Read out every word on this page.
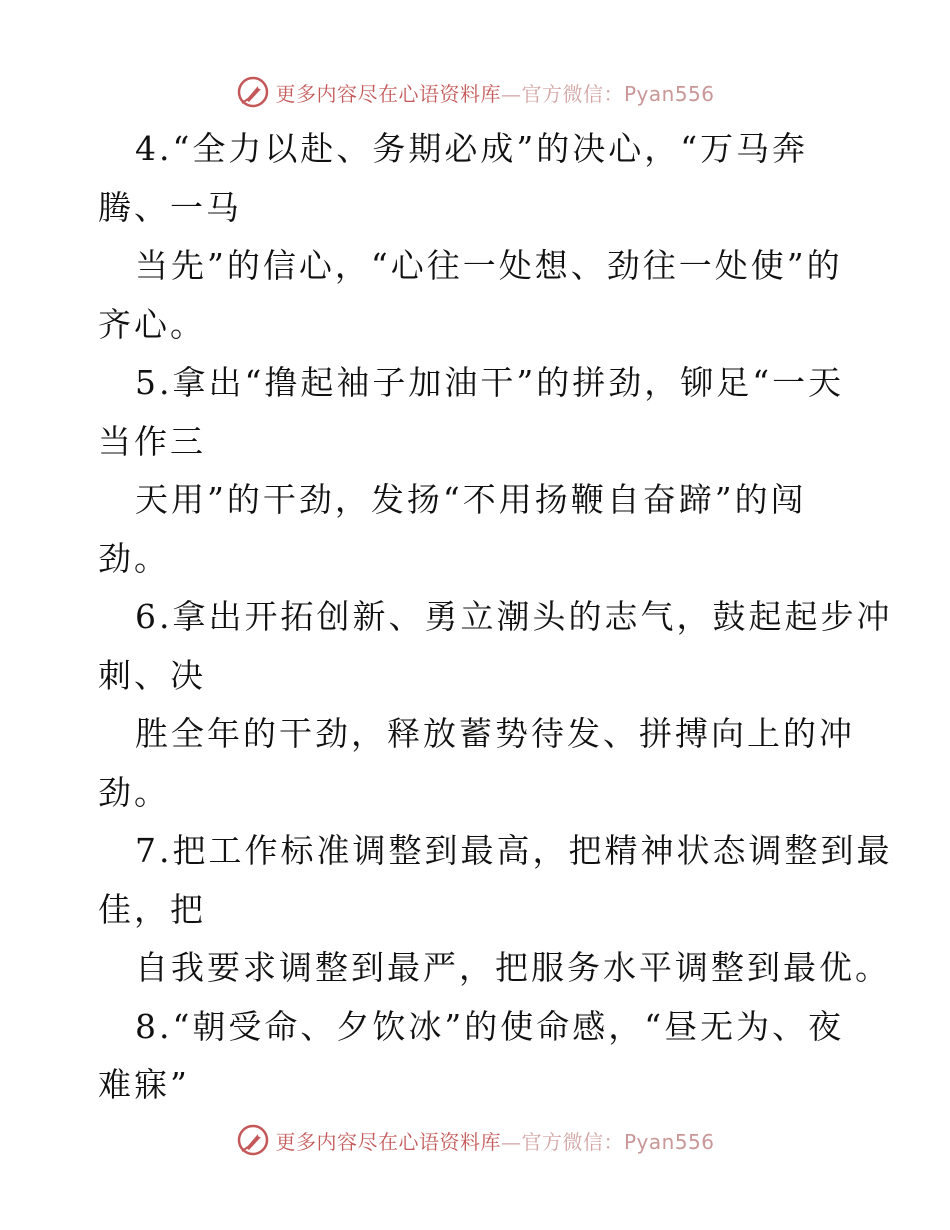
更多内容尽在心语资料库—官方微信：Pyan556
4.“全力以赴、务期必成”的决心，“万马奔
腾、一马
当先”的信心，“心往一处想、劲往一处使”的
齐心。
5.拿出“撸起袖子加油干”的拼劲，铆足“一天
当作三
天用”的干劲，发扬“不用扬鞭自奋蹄”的闯
劲。
6.拿出开拓创新、勇立潮头的志气，鼓起起步冲
刺、决
胜全年的干劲，释放蓄势待发、拼搏向上的冲
劲。
7.把工作标准调整到最高，把精神状态调整到最
佳，把
自我要求调整到最严，把服务水平调整到最优。
8.“朝受命、夕饮冰”的使命感，“昼无为、夜
难寐”
更多内容尽在心语资料库—官方微信：Pyan556
